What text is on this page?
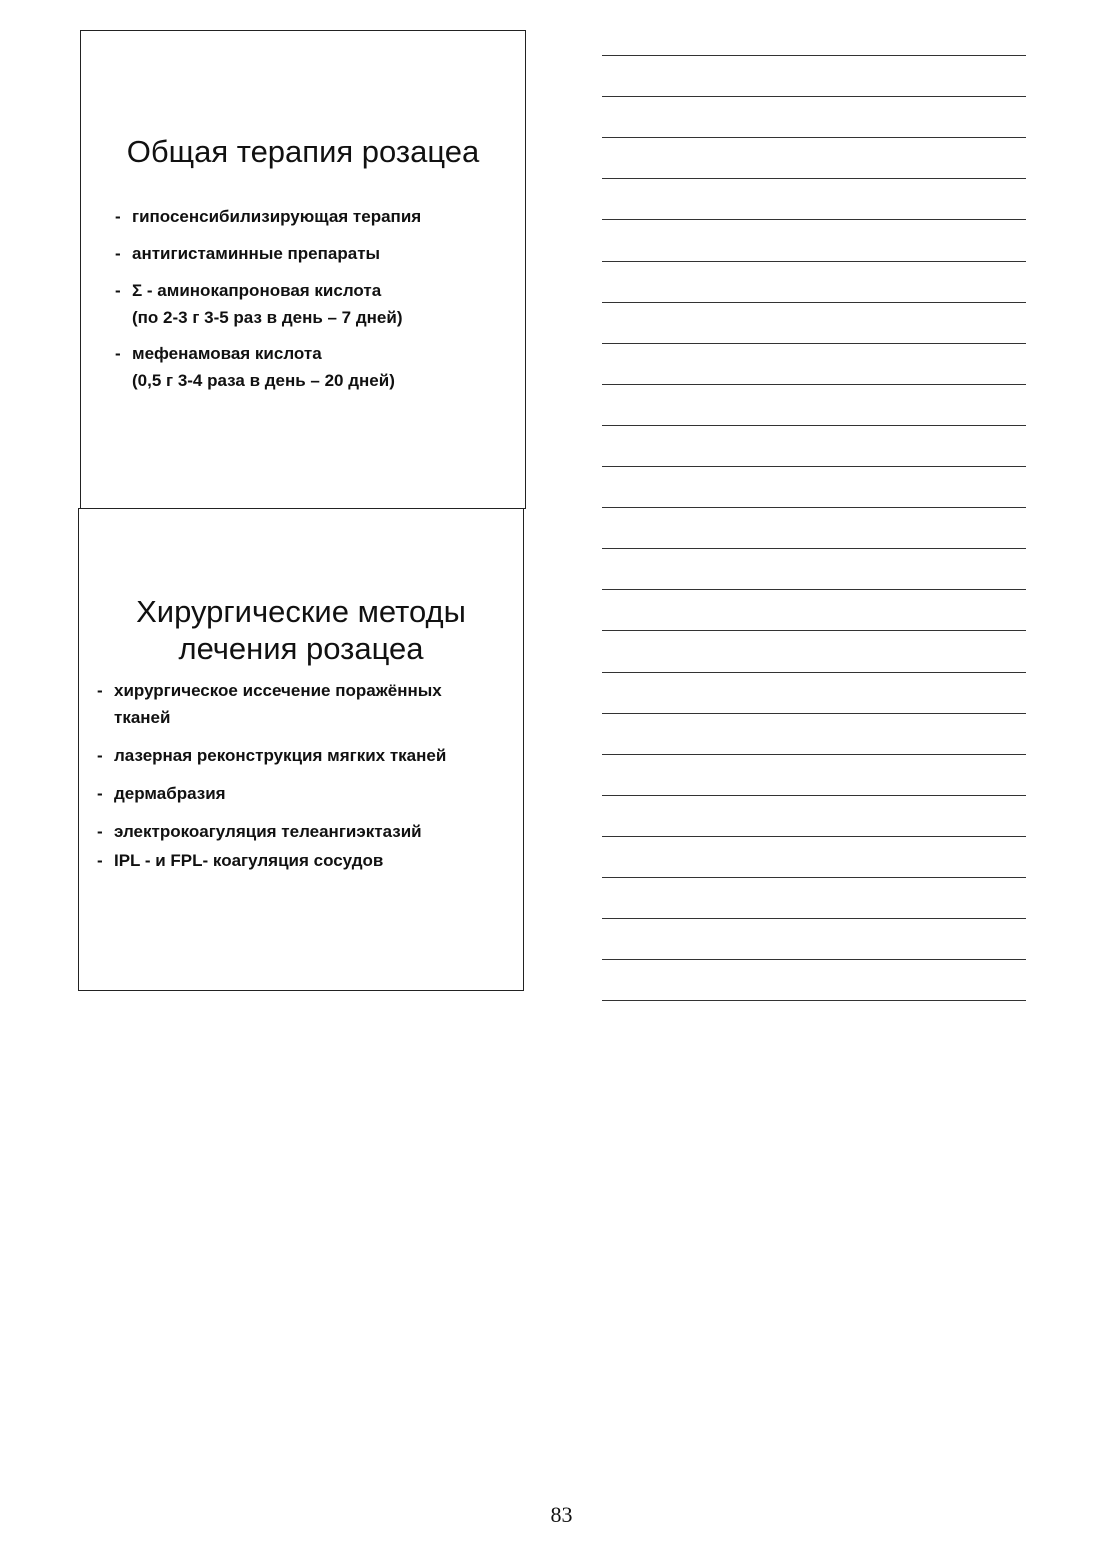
Общая терапия розацеа
- гипосенсибилизирующая терапия
- антигистаминные препараты
- Σ - аминокапроновая кислота
(по 2-3 г 3-5 раз в день – 7 дней)
- мефенамовая кислота
(0,5 г 3-4 раза в день – 20 дней)
Хирургические методы
лечения розацеа
- хирургическое иссечение поражённых
тканей
- лазерная реконструкция мягких тканей
- дермабразия
- электрокоагуляция телеангиэктазий
- IPL - и FPL- коагуляция сосудов
83
